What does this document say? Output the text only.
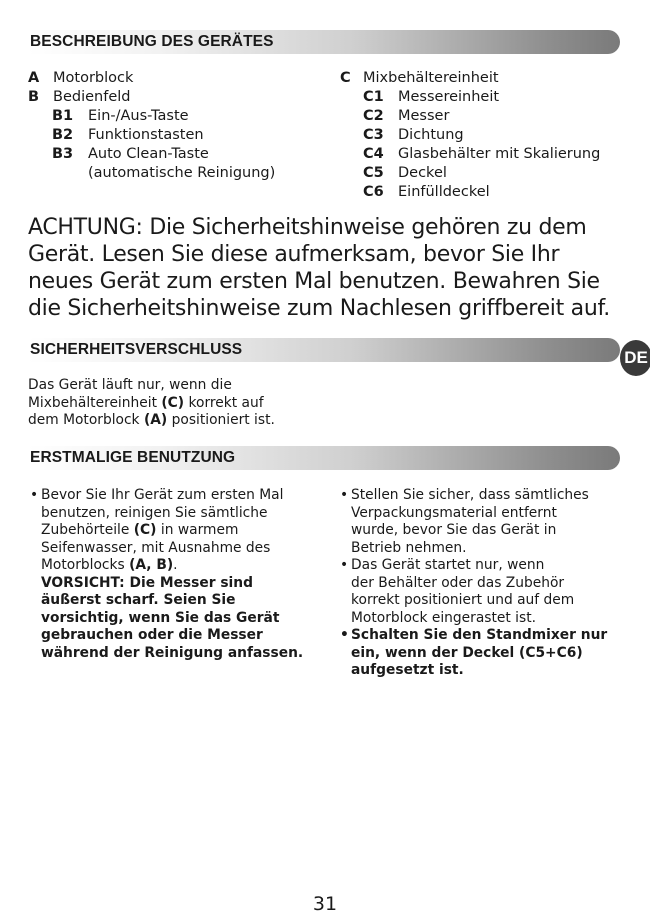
BESCHREIBUNG DES GERÄTES
A Motorblock
B Bedienfeld
B1 Ein-/Aus-Taste
B2 Funktionstasten
B3 Auto Clean-Taste
(automatische Reinigung)
C Mixbehältereinheit
C1 Messereinheit
C2 Messer
C3 Dichtung
C4 Glasbehälter mit Skalierung
C5 Deckel
C6 Einfülldeckel
ACHTUNG: Die Sicherheitshinweise gehören zu dem
Gerät. Lesen Sie diese aufmerksam, bevor Sie Ihr
neues Gerät zum ersten Mal benutzen. Bewahren Sie
die Sicherheitshinweise zum Nachlesen griffbereit auf.
SICHERHEITSVERSCHLUSS	DE
Das Gerät läuft nur, wenn die
Mixbehältereinheit (C) korrekt auf
dem Motorblock (A) positioniert ist.
ERSTMALIGE BENUTZUNG
• Bevor Sie Ihr Gerät zum ersten Mal
benutzen, reinigen Sie sämtliche
Zubehörteile (C) in warmem
Seifenwasser, mit Ausnahme des
Motorblocks (A, B).
VORSICHT: Die Messer sind
äußerst scharf. Seien Sie
vorsichtig, wenn Sie das Gerät
gebrauchen oder die Messer
während der Reinigung anfassen.
• Stellen Sie sicher, dass sämtliches
Verpackungsmaterial entfernt
wurde, bevor Sie das Gerät in
Betrieb nehmen.
• Das Gerät startet nur, wenn
der Behälter oder das Zubehör
korrekt positioniert und auf dem
Motorblock eingerastet ist.
• Schalten Sie den Standmixer nur
ein, wenn der Deckel (C5+C6)
aufgesetzt ist.
31
